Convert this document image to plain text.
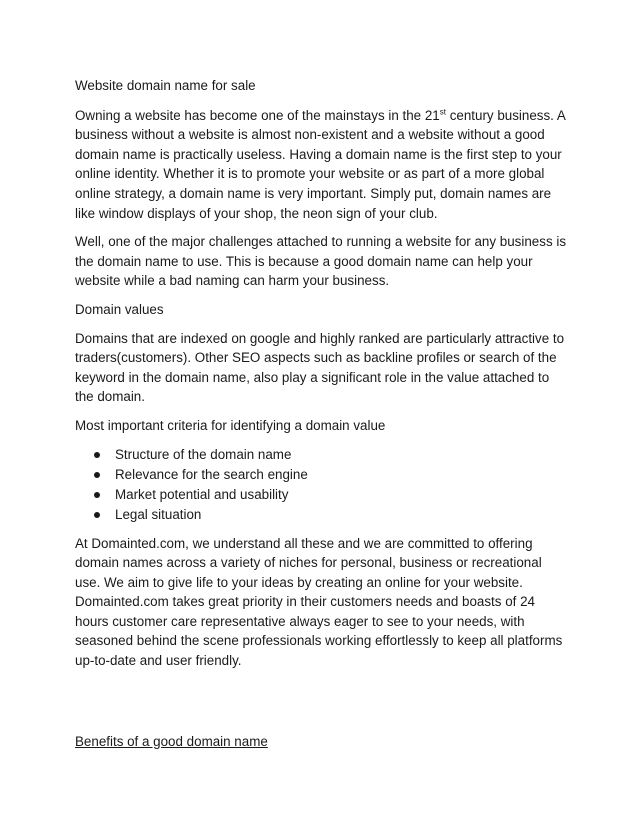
Website domain name for sale
Owning a website has become one of the mainstays in the 21st century business. A business without a website is almost non-existent and a website without a good domain name is practically useless. Having a domain name is the first step to your online identity. Whether it is to promote your website or as part of a more global online strategy, a domain name is very important. Simply put, domain names are like window displays of your shop, the neon sign of your club.
Well, one of the major challenges attached to running a website for any business is the domain name to use. This is because a good domain name can help your website while a bad naming can harm your business.
Domain values
Domains that are indexed on google and highly ranked are particularly attractive to traders(customers). Other SEO aspects such as backline profiles or search of the keyword in the domain name, also play a significant role in the value attached to the domain.
Most important criteria for identifying a domain value
Structure of the domain name
Relevance for the search engine
Market potential and usability
Legal situation
At Domainted.com, we understand all these and we are committed to offering domain names across a variety of niches for personal, business or recreational use. We aim to give life to your ideas by creating an online for your website. Domainted.com takes great priority in their customers needs and boasts of 24 hours customer care representative always eager to see to your needs, with seasoned behind the scene professionals working effortlessly to keep all platforms up-to-date and user friendly.
Benefits of a good domain name
